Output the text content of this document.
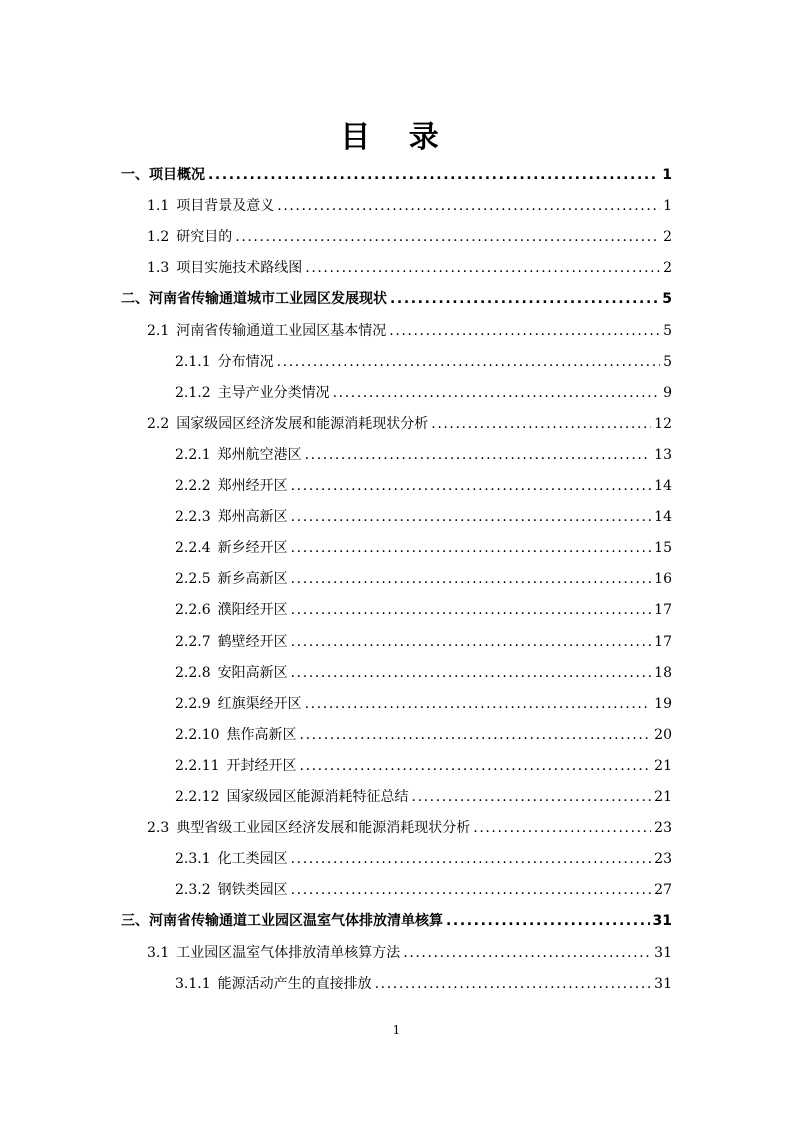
目 录
一、项目概况 .....	1
1.1 项目背景及意义 .....	1
1.2 研究目的 .....	2
1.3 项目实施技术路线图 .....	2
二、河南省传输通道城市工业园区发展现状 .....	5
2.1 河南省传输通道工业园区基本情况 .....	5
2.1.1 分布情况 .....	5
2.1.2 主导产业分类情况 .....	9
2.2 国家级园区经济发展和能源消耗现状分析 .....	12
2.2.1 郑州航空港区 .....	13
2.2.2 郑州经开区 .....	14
2.2.3 郑州高新区 .....	14
2.2.4 新乡经开区 .....	15
2.2.5 新乡高新区 .....	16
2.2.6 濮阳经开区 .....	17
2.2.7 鹤壁经开区 .....	17
2.2.8 安阳高新区 .....	18
2.2.9 红旗渠经开区 .....	19
2.2.10 焦作高新区 .....	20
2.2.11 开封经开区 .....	21
2.2.12 国家级园区能源消耗特征总结 .....	21
2.3 典型省级工业园区经济发展和能源消耗现状分析 .....	23
2.3.1 化工类园区 .....	23
2.3.2 钢铁类园区 .....	27
三、河南省传输通道工业园区温室气体排放清单核算 .....	31
3.1 工业园区温室气体排放清单核算方法 .....	31
3.1.1 能源活动产生的直接排放 .....	31
1
